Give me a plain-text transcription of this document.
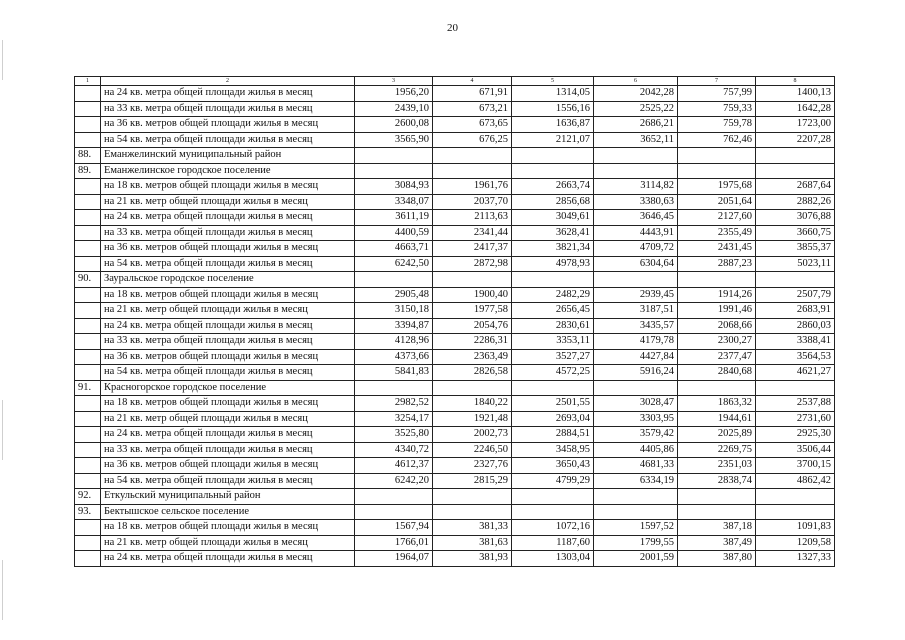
20
1	2	3	4	5	6	7	8
	на 24 кв. метра общей площади жилья в месяц	1956,20	671,91	1314,05	2042,28	757,99	1400,13
	на 33 кв. метра общей площади жилья в месяц	2439,10	673,21	1556,16	2525,22	759,33	1642,28
	на 36 кв. метров общей площади жилья в месяц	2600,08	673,65	1636,87	2686,21	759,78	1723,00
	на 54 кв. метра общей площади жилья в месяц	3565,90	676,25	2121,07	3652,11	762,46	2207,28
88.	Еманжелинский муниципальный район						
89.	Еманжелинское городское поселение						
	на 18 кв. метров общей площади жилья в месяц	3084,93	1961,76	2663,74	3114,82	1975,68	2687,64
	на 21 кв. метр общей площади жилья в месяц	3348,07	2037,70	2856,68	3380,63	2051,64	2882,26
	на 24 кв. метра общей площади жилья в месяц	3611,19	2113,63	3049,61	3646,45	2127,60	3076,88
	на 33 кв. метра общей площади жилья в месяц	4400,59	2341,44	3628,41	4443,91	2355,49	3660,75
	на 36 кв. метров общей площади жилья в месяц	4663,71	2417,37	3821,34	4709,72	2431,45	3855,37
	на 54 кв. метра общей площади жилья в месяц	6242,50	2872,98	4978,93	6304,64	2887,23	5023,11
90.	Зауральское городское поселение						
	на 18 кв. метров общей площади жилья в месяц	2905,48	1900,40	2482,29	2939,45	1914,26	2507,79
	на 21 кв. метр общей площади жилья в месяц	3150,18	1977,58	2656,45	3187,51	1991,46	2683,91
	на 24 кв. метра общей площади жилья в месяц	3394,87	2054,76	2830,61	3435,57	2068,66	2860,03
	на 33 кв. метра общей площади жилья в месяц	4128,96	2286,31	3353,11	4179,78	2300,27	3388,41
	на 36 кв. метров общей площади жилья в месяц	4373,66	2363,49	3527,27	4427,84	2377,47	3564,53
	на 54 кв. метра общей площади жилья в месяц	5841,83	2826,58	4572,25	5916,24	2840,68	4621,27
91.	Красногорское городское поселение						
	на 18 кв. метров общей площади жилья в месяц	2982,52	1840,22	2501,55	3028,47	1863,32	2537,88
	на 21 кв. метр общей площади жилья в месяц	3254,17	1921,48	2693,04	3303,95	1944,61	2731,60
	на 24 кв. метра общей площади жилья в месяц	3525,80	2002,73	2884,51	3579,42	2025,89	2925,30
	на 33 кв. метра общей площади жилья в месяц	4340,72	2246,50	3458,95	4405,86	2269,75	3506,44
	на 36 кв. метров общей площади жилья в месяц	4612,37	2327,76	3650,43	4681,33	2351,03	3700,15
	на 54 кв. метра общей площади жилья в месяц	6242,20	2815,29	4799,29	6334,19	2838,74	4862,42
92.	Еткульский муниципальный район						
93.	Бектышское сельское поселение						
	на 18 кв. метров общей площади жилья в месяц	1567,94	381,33	1072,16	1597,52	387,18	1091,83
	на 21 кв. метр общей площади жилья в месяц	1766,01	381,63	1187,60	1799,55	387,49	1209,58
	на 24 кв. метра общей площади жилья в месяц	1964,07	381,93	1303,04	2001,59	387,80	1327,33
